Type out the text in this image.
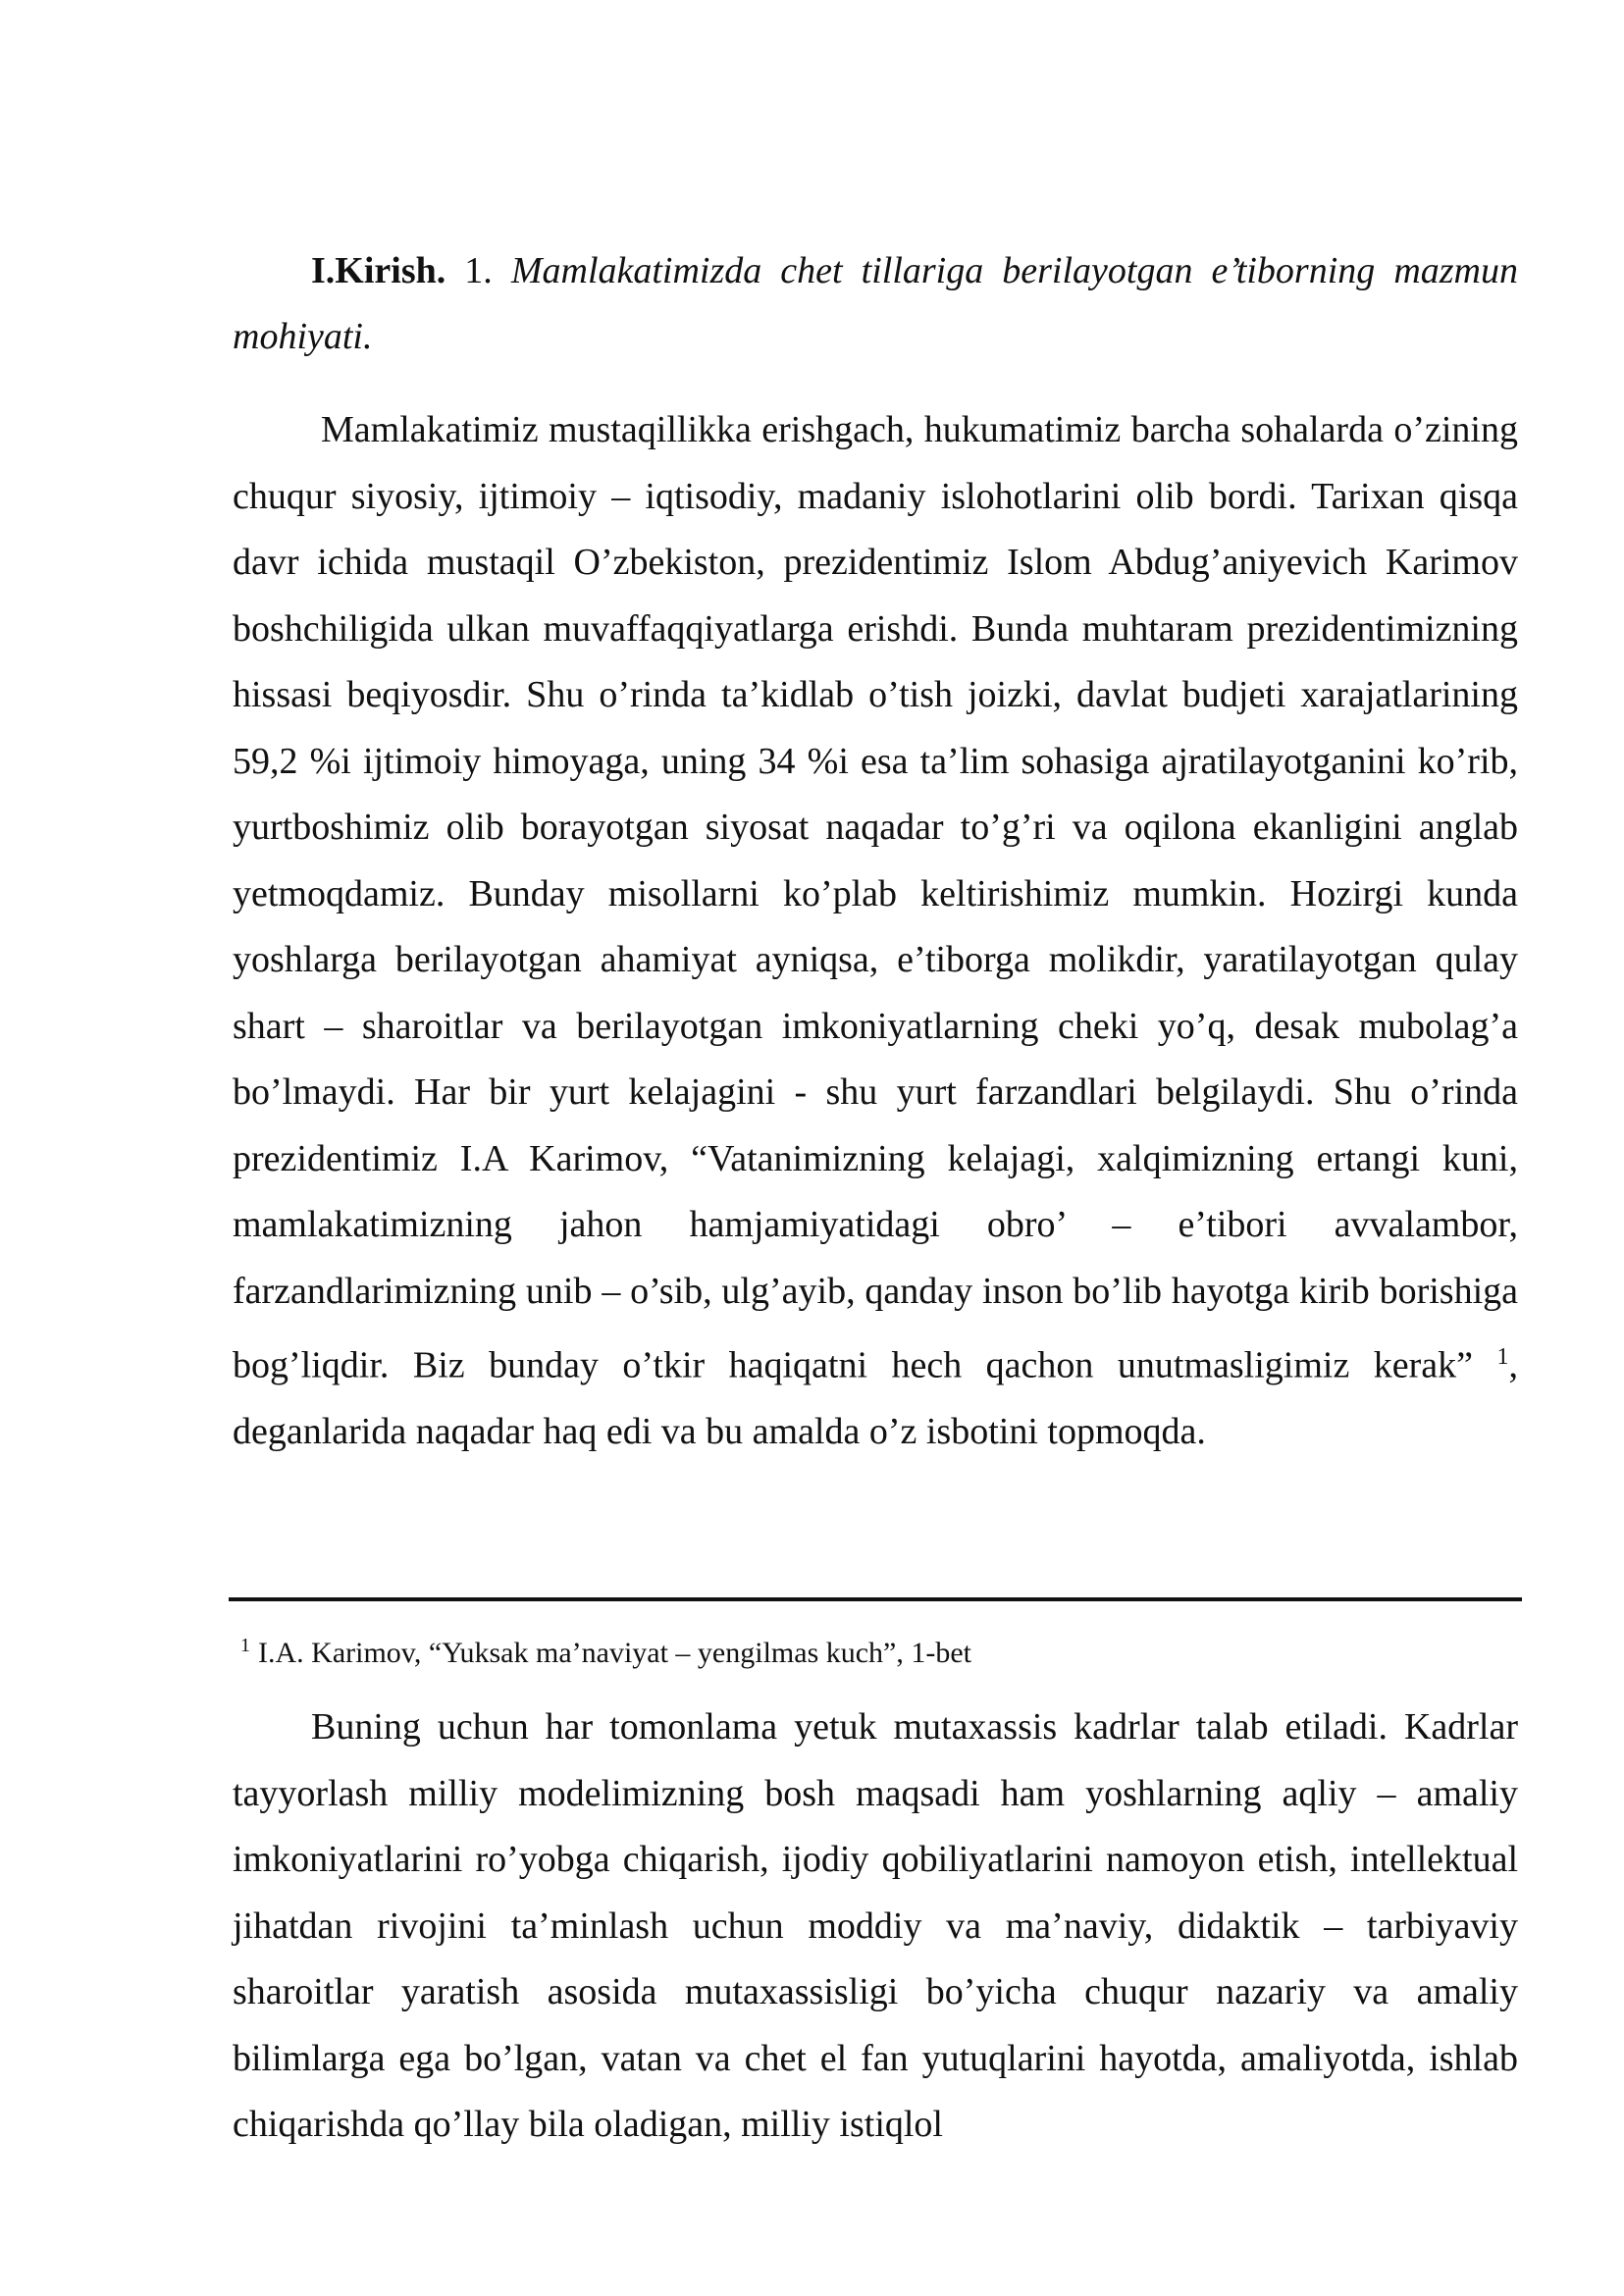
I.Kirish. 1. Mamlakatimizda chet tillariga berilayotgan e’tiborning mazmun mohiyati.

Mamlakatimiz mustaqillikka erishgach, hukumatimiz barcha sohalarda o’zining chuqur siyosiy, ijtimoiy – iqtisodiy, madaniy islohotlarini olib bordi. Tarixan qisqa davr ichida mustaqil O’zbekiston, prezidentimiz Islom Abdug’aniyevich Karimov boshchiligida ulkan muvaffaqqiyatlarga erishdi. Bunda muhtaram prezidentimizning hissasi beqiyosdir. Shu o’rinda ta’kidlab o’tish joizki, davlat budjeti xarajatlarining 59,2 %i ijtimoiy himoyaga, uning 34 %i esa ta’lim sohasiga ajratilayotganini ko’rib, yurtboshimiz olib borayotgan siyosat naqadar to’g’ri va oqilona ekanligini anglab yetmoqdamiz. Bunday misollarni ko’plab keltirishimiz mumkin. Hozirgi kunda yoshlarga berilayotgan ahamiyat ayniqsa, e’tiborga molikdir, yaratilayotgan qulay shart – sharoitlar va berilayotgan imkoniyatlarning cheki yo’q, desak mubolag’a bo’lmaydi. Har bir yurt kelajagini - shu yurt farzandlari belgilaydi. Shu o’rinda prezidentimiz I.A Karimov, “Vatanimizning kelajagi, xalqimizning ertangi kuni, mamlakatimizning jahon hamjamiyatidagi obro’ – e’tibori avvalambor, farzandlarimizning unib – o’sib, ulg’ayib, qanday inson bo’lib hayotga kirib borishiga bog’liqdir. Biz bunday o’tkir haqiqatni hech qachon unutmasligimiz kerak” $^1$, deganlarida naqadar haq edi va bu amalda o’z isbotini topmoqda.

$^1$ I.A. Karimov, “Yuksak ma’naviyat – yengilmas kuch”, 1-bet

Buning uchun har tomonlama yetuk mutaxassis kadrlar talab etiladi. Kadrlar tayyorlash milliy modelimizning bosh maqsadi ham yoshlarning aqliy – amaliy imkoniyatlarini ro’yobga chiqarish, ijodiy qobiliyatlarini namoyon etish, intellektual jihatdan rivojini ta’minlash uchun moddiy va ma’naviy, didaktik – tarbiyaviy sharoitlar yaratish asosida mutaxassisligi bo’yicha chuqur nazariy va amaliy bilimlarga ega bo’lgan, vatan va chet el fan yutuqlarini hayotda, amaliyotda, ishlab chiqarishda qo’llay bila oladigan, milliy istiqlol
